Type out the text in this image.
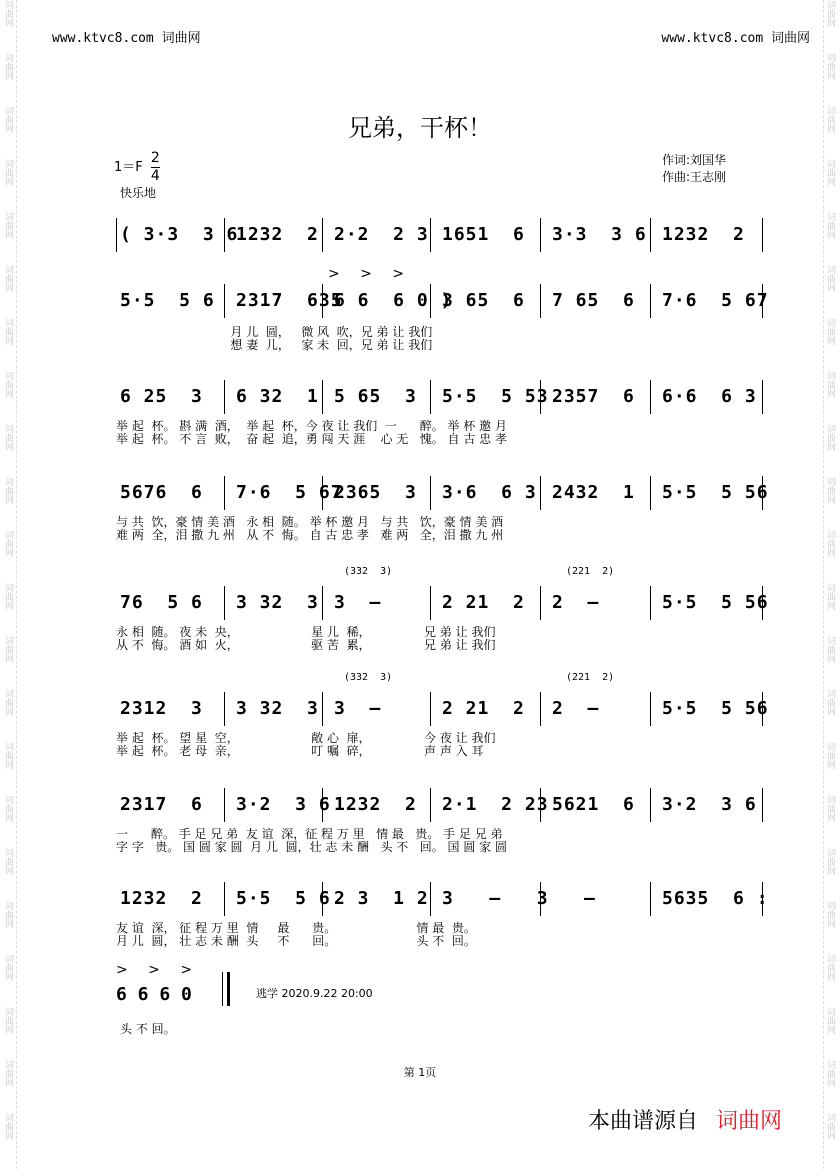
词曲网
词曲网
词曲网
词曲网
词曲网
词曲网
词曲网
词曲网
词曲网
词曲网
词曲网
词曲网
词曲网
词曲网
词曲网
词曲网
词曲网
词曲网
词曲网
词曲网
词曲网
词曲网
词曲网
词曲网
词曲网
词曲网
词曲网
词曲网
词曲网
词曲网
词曲网
词曲网
词曲网
词曲网
词曲网
词曲网
词曲网
词曲网
词曲网
词曲网
词曲网
词曲网
词曲网
词曲网
www.ktvc8.com 词曲网	www.ktvc8.com 词曲网
兄弟，干杯！
$1=F \frac{2}{4}$
快乐地
作词:刘国华
作曲:王志刚
( 3·3  3 6
1232  2 2·2  2 3 1651  6 3·3  3 6 1232  2
5·5  5 6 2317  635
6 6  6 0 )
3 65  6 7 65  6 7·6  5 67
月 儿  圆，   微 风  吹，兄 弟 让 我们
想 妻  儿，   家 未  回，兄 弟 让 我们
6 25  3 6 32  1 5 65  3 5·5  5 53 2357  6 6·6  6 3
举 起  杯。 斟 满  酒，  举 起  杯，今 夜 让 我们  一      醉。 举 杯 邀 月
举 起  杯。 不 言  败，  奋 起  追，勇 闯 天 涯    心 无   愧。 自 古 忠 孝
5676  6 7·6  5 67
2365  3 3·6  6 3 2432  1 5·5  5 56
与 共  饮，豪 情 美 酒   永 相  随。 举 杯 邀 月   与 共   饮，豪 情 美 酒
难 两  全，泪 撒 九 州   从 不  悔。 自 古 忠 孝   难 两   全，泪 撒 九 州
76  5 6 3 32  3 3  —	2 21  2 2  —	5·5  5 56
永 相  随。 夜 未  央，                   星 儿  稀，              兄 弟 让 我们
从 不  悔。 酒 如  火，                   驱 苦  累，              兄 弟 让 我们
2312  3 3 32  3 3  —	2 21  2 2  —	5·5  5 56
举 起  杯。 望 星  空，                   敞 心  扉，              今 夜 让 我们
举 起  杯。 老 母  亲，                   叮 嘱  碎，              声 声 入 耳
2317  6 3·2  3 6 1232  2 2·1  2 23 5621  6 3·2  3 6
一      醉。 手 足 兄 弟  友 谊  深，征 程 万 里   情 最   贵。 手 足 兄 弟
字 字   贵。 国 圆 家 圆  月 儿  圆，壮 志 未 酬   头 不   回。 国 圆 家 圆
1232  2 5·5  5 6 2 3  1 2 3   —   3   —	5635  6 :
友 谊  深， 征 程 万 里  情     最      贵。                     情 最  贵。
月 儿  圆， 壮 志 未 酬  头     不      回。                     头 不  回。
(332  3)	(221  2)
(332  3)	(221  2)
> > >
> > >
6 6 6 0	逃学 2020.9.22 20:00
头 不 回。
第 1页
本曲谱源自 词曲网
